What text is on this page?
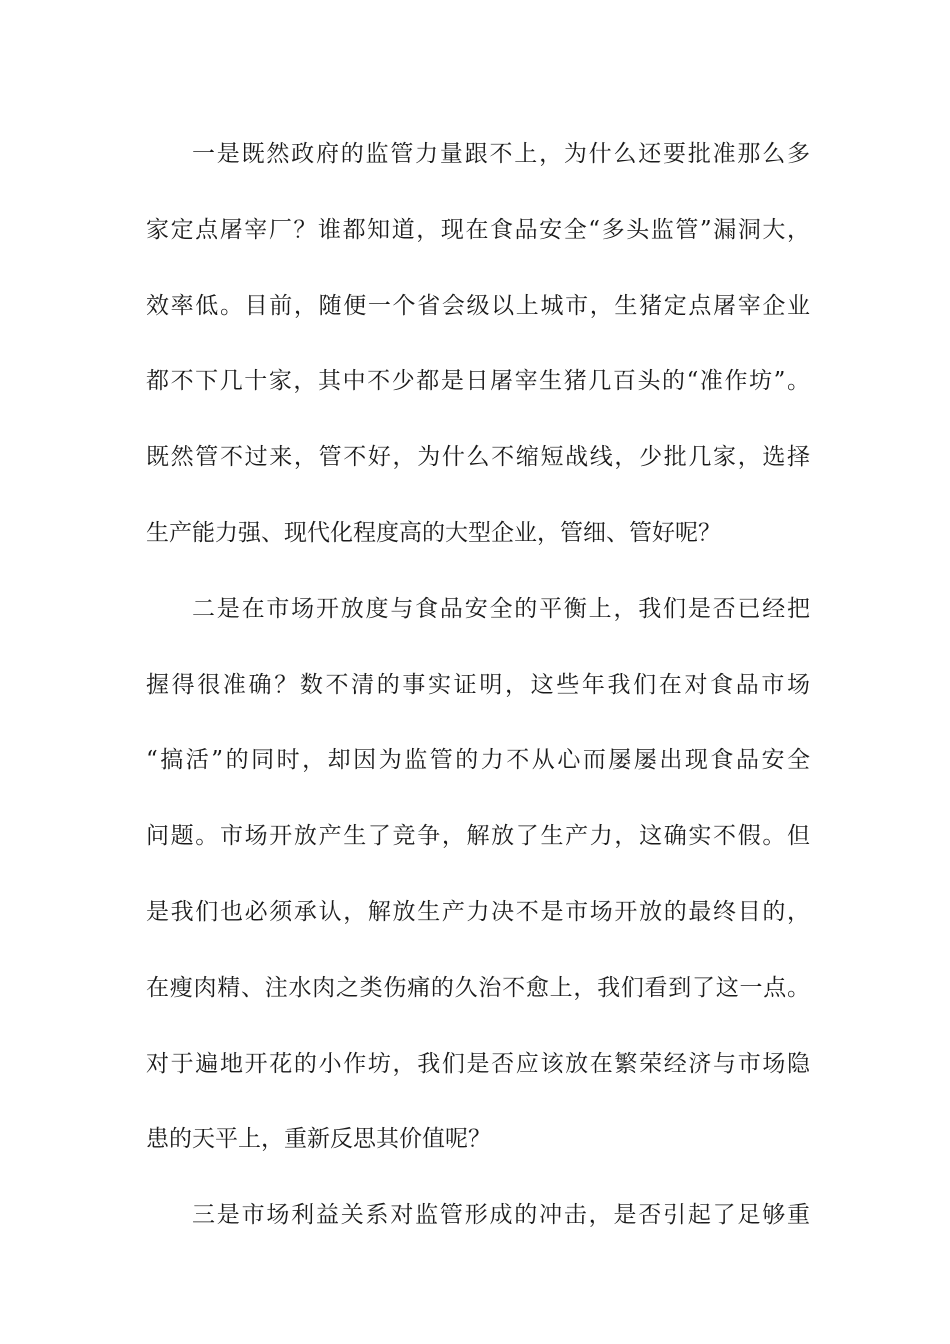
一是既然政府的监管力量跟不上，为什么还要批准那么多
家定点屠宰厂？谁都知道，现在食品安全“多头监管”漏洞大，
效率低。目前，随便一个省会级以上城市，生猪定点屠宰企业
都不下几十家，其中不少都是日屠宰生猪几百头的“准作坊”。
既然管不过来，管不好，为什么不缩短战线，少批几家，选择
生产能力强、现代化程度高的大型企业，管细、管好呢？
二是在市场开放度与食品安全的平衡上，我们是否已经把
握得很准确？数不清的事实证明，这些年我们在对食品市场
“搞活”的同时，却因为监管的力不从心而屡屡出现食品安全
问题。市场开放产生了竞争，解放了生产力，这确实不假。但
是我们也必须承认，解放生产力决不是市场开放的最终目的，
在瘦肉精、注水肉之类伤痛的久治不愈上，我们看到了这一点。
对于遍地开花的小作坊，我们是否应该放在繁荣经济与市场隐
患的天平上，重新反思其价值呢？
三是市场利益关系对监管形成的冲击，是否引起了足够重
